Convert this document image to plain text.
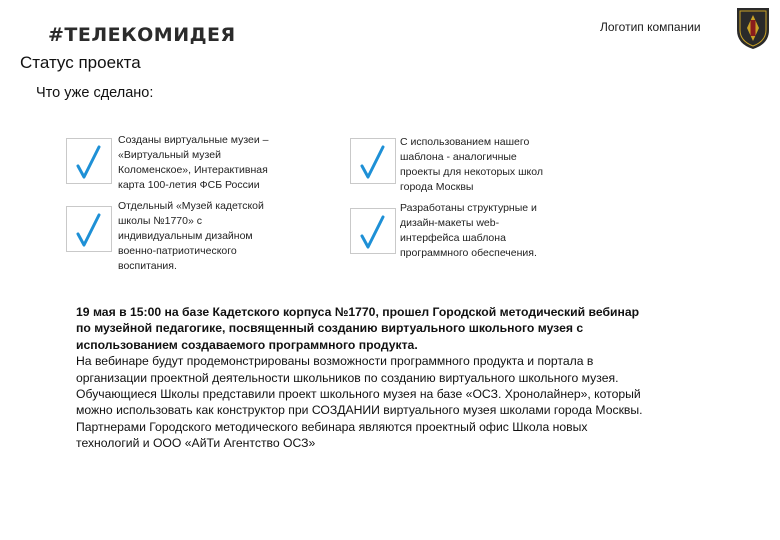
#ТЕЛЕКОМИДЕЯ	Логотип компании
Статус проекта
Что уже сделано:
Созданы виртуальные музеи –
«Виртуальный музей
Коломенское», Интерактивная
карта 100-летия ФСБ России
С использованием нашего
шаблона - аналогичные
проекты для некоторых школ
города Москвы
Отдельный «Музей кадетской
школы №1770» с
индивидуальным дизайном
военно-патриотического
воспитания.
Разработаны структурные и
дизайн-макеты web-
интерфейса шаблона
программного обеспечения.
19 мая в 15:00 на базе Кадетского корпуса №1770, прошел Городской методический вебинар
по музейной педагогике, посвященный созданию виртуального школьного музея с
использованием создаваемого программного продукта.
На вебинаре будут продемонстрированы возможности программного продукта и портала в
организации проектной деятельности школьников по созданию виртуального школьного музея.
Обучающиеся Школы представили проект школьного музея на базе «ОСЗ. Хронолайнер», который
можно использовать как конструктор при СОЗДАНИИ виртуального музея школами города Москвы.
Партнерами Городского методического вебинара являются проектный офис Школа новых
технологий и ООО «АйТи Агентство ОСЗ»
